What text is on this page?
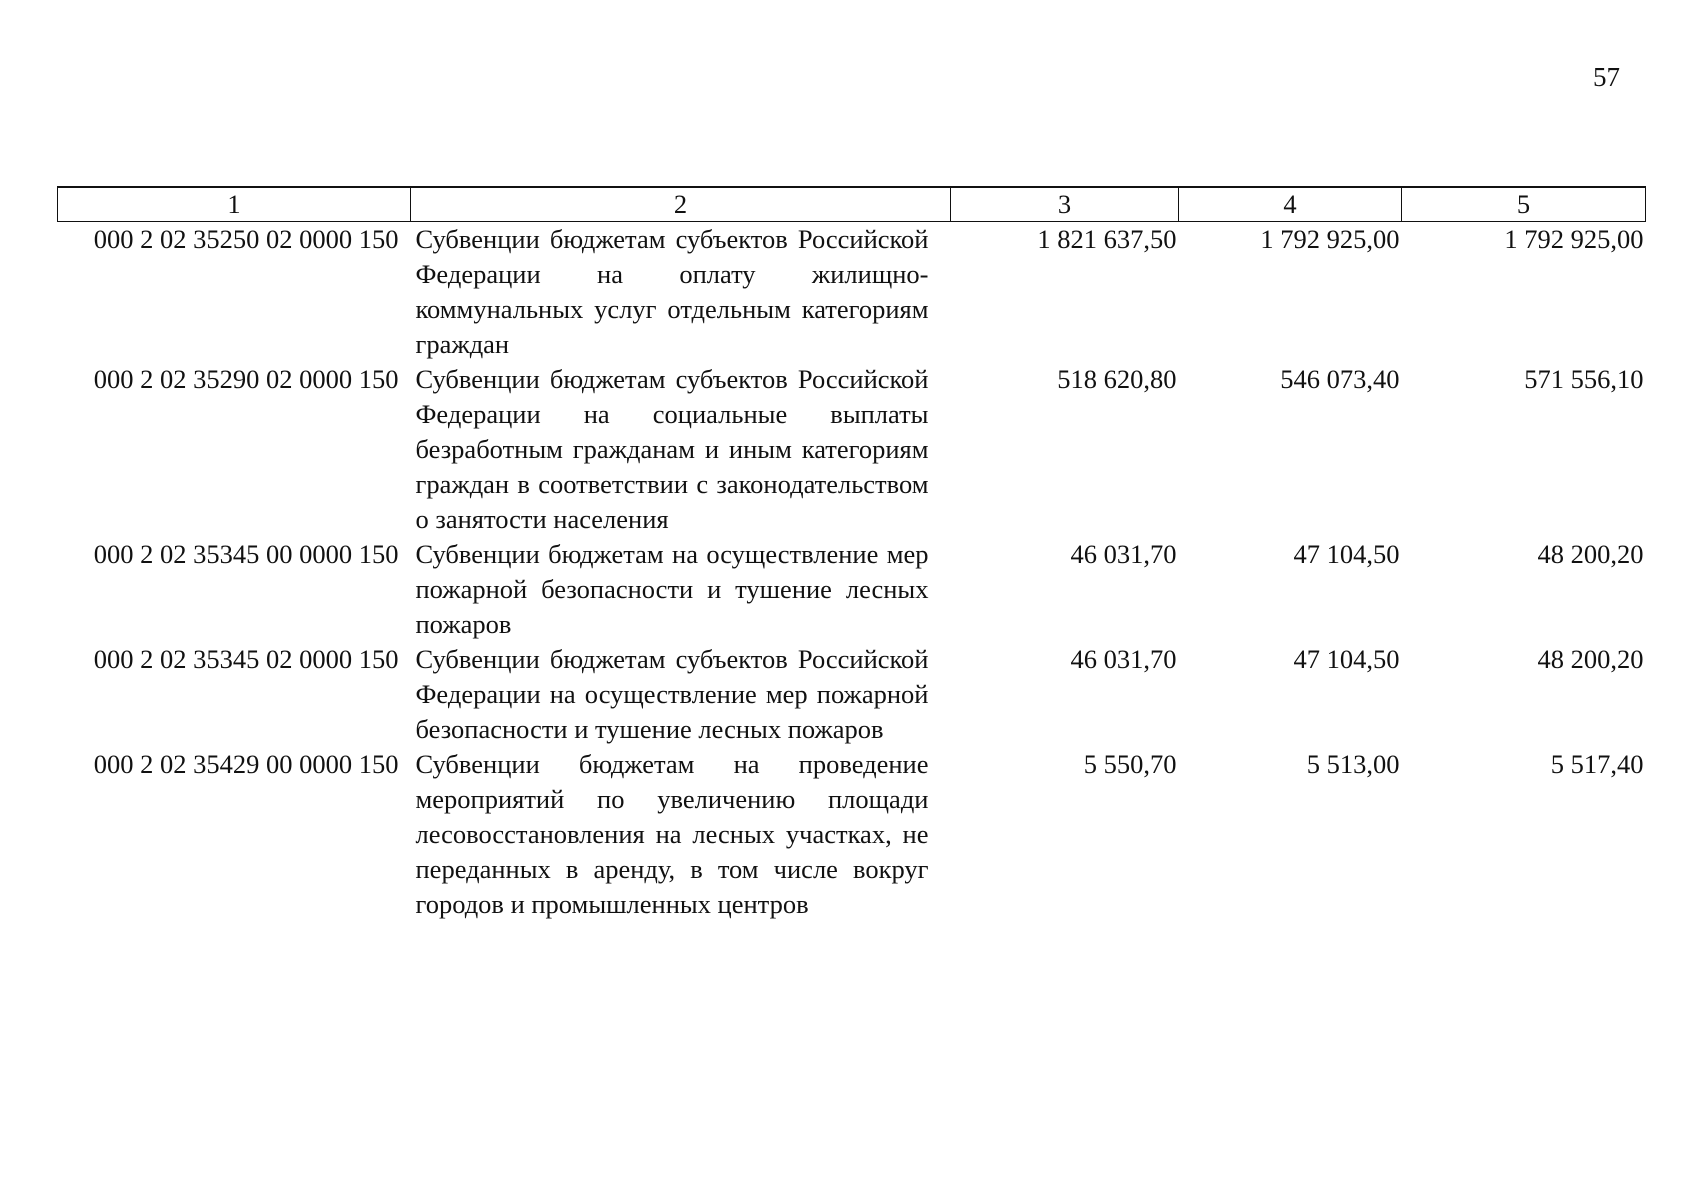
57
1	2	3	4	5
000 2 02 35250 02 0000 150	Субвенции бюджетам субъектов Российской Федерации на оплату жилищно-коммунальных услуг отдельным категориям граждан	1 821 637,50	1 792 925,00	1 792 925,00
000 2 02 35290 02 0000 150	Субвенции бюджетам субъектов Российской Федерации на социальные выплаты безработным гражданам и иным категориям граждан в соответствии с законодательством о занятости населения	518 620,80	546 073,40	571 556,10
000 2 02 35345 00 0000 150	Субвенции бюджетам на осуществление мер пожарной безопасности и тушение лесных пожаров	46 031,70	47 104,50	48 200,20
000 2 02 35345 02 0000 150	Субвенции бюджетам субъектов Российской Федерации на осуществление мер пожарной безопасности и тушение лесных пожаров	46 031,70	47 104,50	48 200,20
000 2 02 35429 00 0000 150	Субвенции бюджетам на проведение мероприятий по увеличению площади лесовосстановления на лесных участках, не переданных в аренду, в том числе вокруг городов и промышленных центров	5 550,70	5 513,00	5 517,40
